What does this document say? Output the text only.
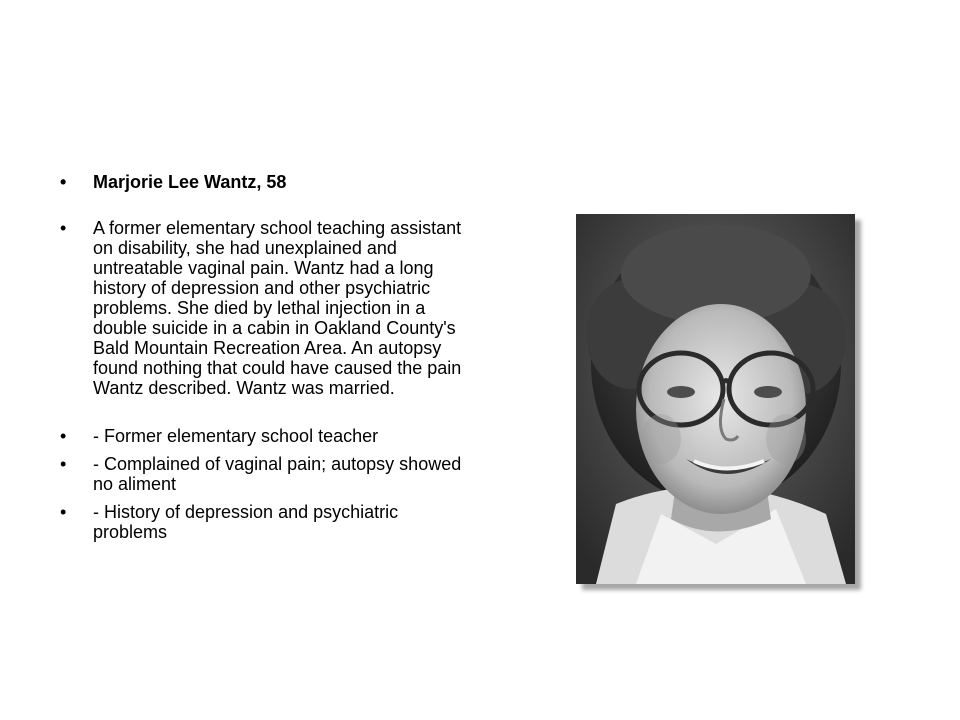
• Marjorie Lee Wantz, 58
• A former elementary school teaching assistant on disability, she had unexplained and untreatable vaginal pain. Wantz had a long history of depression and other psychiatric problems. She died by lethal injection in a double suicide in a cabin in Oakland County's Bald Mountain Recreation Area. An autopsy found nothing that could have caused the pain Wantz described. Wantz was married.
• - Former elementary school teacher
• - Complained of vaginal pain; autopsy showed no aliment
• - History of depression and psychiatric problems
